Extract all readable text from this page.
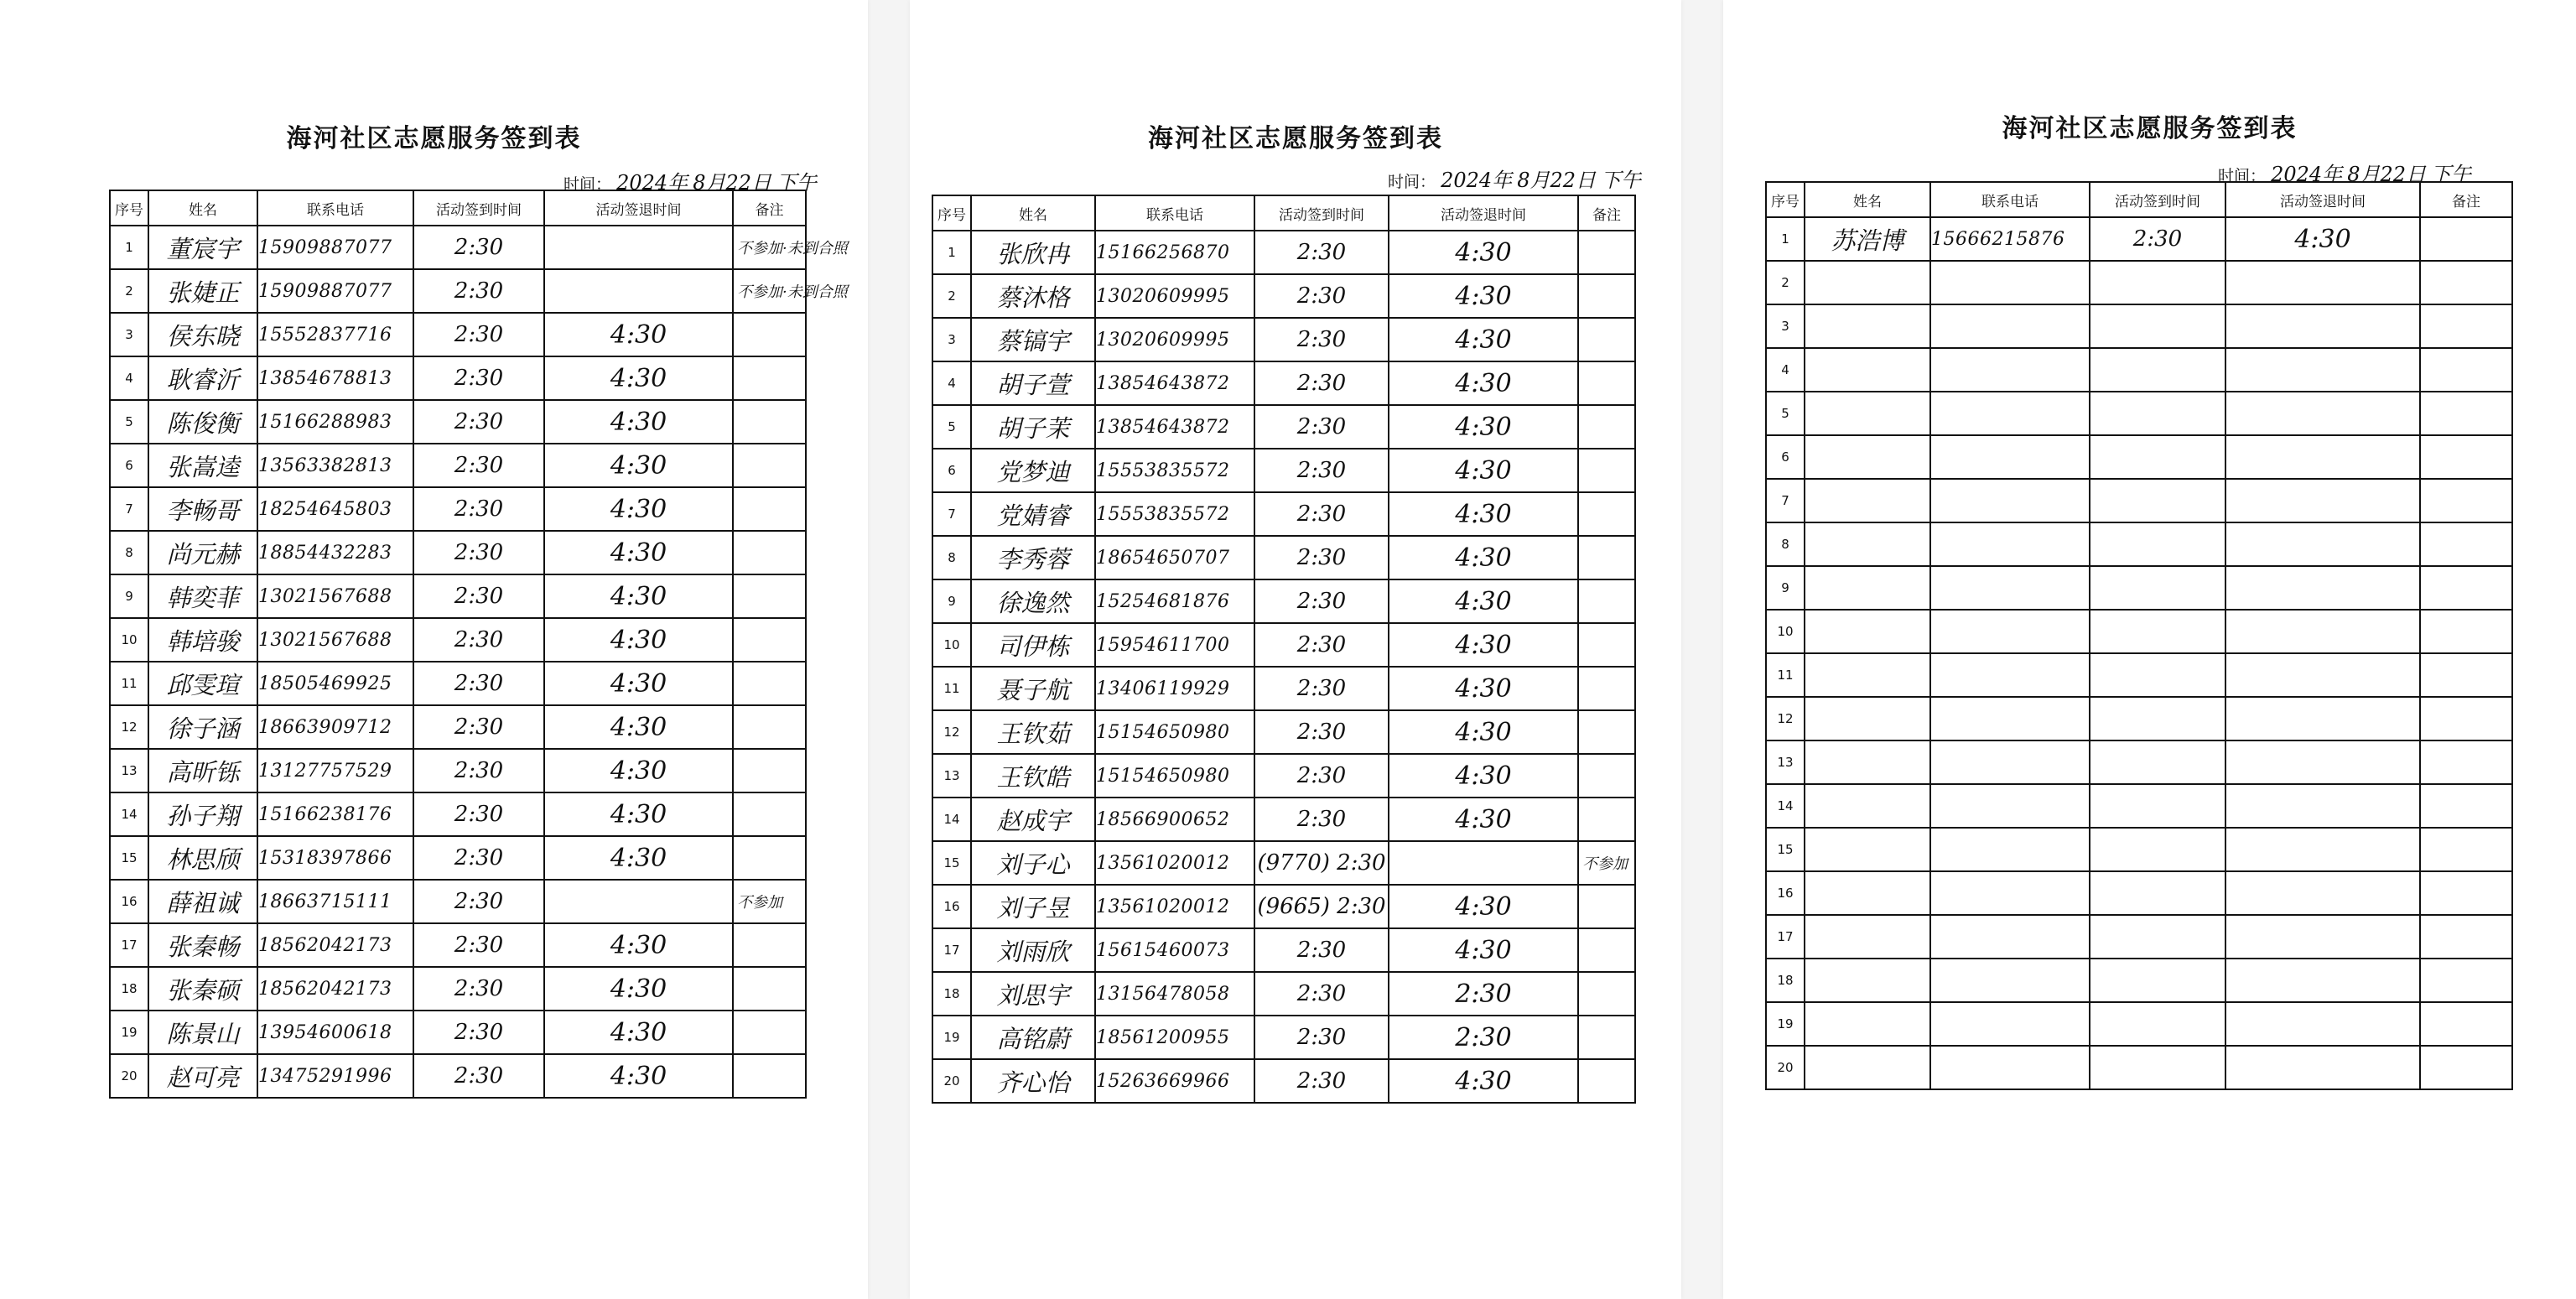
海河社区志愿服务签到表
时间： 2024年 8月22日 下午
序号	姓名	联系电话	活动签到时间	活动签退时间	备注
1	董宸宇	15909887077	2:30		不参加·未到合照

2	张婕正	15909887077	2:30		不参加·未到合照

3	侯东晓	15552837716	2:30	4:30	

4	耿睿沂	13854678813	2:30	4:30	

5	陈俊衡	15166288983	2:30	4:30	

6	张嵩逵	13563382813	2:30	4:30	

7	李畅哥	18254645803	2:30	4:30	

8	尚元赫	18854432283	2:30	4:30	

9	韩奕菲	13021567688	2:30	4:30	

10	韩培骏	13021567688	2:30	4:30	

11	邱雯瑄	18505469925	2:30	4:30	

12	徐子涵	18663909712	2:30	4:30	

13	高昕铄	13127757529	2:30	4:30	

14	孙子翔	15166238176	2:30	4:30	

15	林思颀	15318397866	2:30	4:30	

16	薛祖诚	18663715111	2:30		不参加

17	张秦畅	18562042173	2:30	4:30	

18	张秦硕	18562042173	2:30	4:30	

19	陈景山	13954600618	2:30	4:30	

20	赵可亮	13475291996	2:30	4:30	
海河社区志愿服务签到表
时间： 2024年 8月22日 下午
序号	姓名	联系电话	活动签到时间	活动签退时间	备注
1	张欣冉	15166256870	2:30	4:30	

2	蔡沐格	13020609995	2:30	4:30	

3	蔡镐宇	13020609995	2:30	4:30	

4	胡子萱	13854643872	2:30	4:30	

5	胡子茉	13854643872	2:30	4:30	

6	党梦迪	15553835572	2:30	4:30	

7	党婧睿	15553835572	2:30	4:30	

8	李秀蓉	18654650707	2:30	4:30	

9	徐逸然	15254681876	2:30	4:30	

10	司伊栋	15954611700	2:30	4:30	

11	聂子航	13406119929	2:30	4:30	

12	王钦茹	15154650980	2:30	4:30	

13	王钦皓	15154650980	2:30	4:30	

14	赵成宇	18566900652	2:30	4:30	

15	刘子心	13561020012	(9770) 2:30		不参加

16	刘子昱	13561020012	(9665) 2:30	4:30	

17	刘雨欣	15615460073	2:30	4:30	

18	刘思宇	13156478058	2:30	2:30	

19	高铭蔚	18561200955	2:30	2:30	

20	齐心怡	15263669966	2:30	4:30	
海河社区志愿服务签到表
时间： 2024年 8月22日 下午
序号	姓名	联系电话	活动签到时间	活动签退时间	备注
1	苏浩博	15666215876	2:30	4:30	

2					

3					

4					

5					

6					

7					

8					

9					

10					

11					

12					

13					

14					

15					

16					

17					

18					

19					

20					
